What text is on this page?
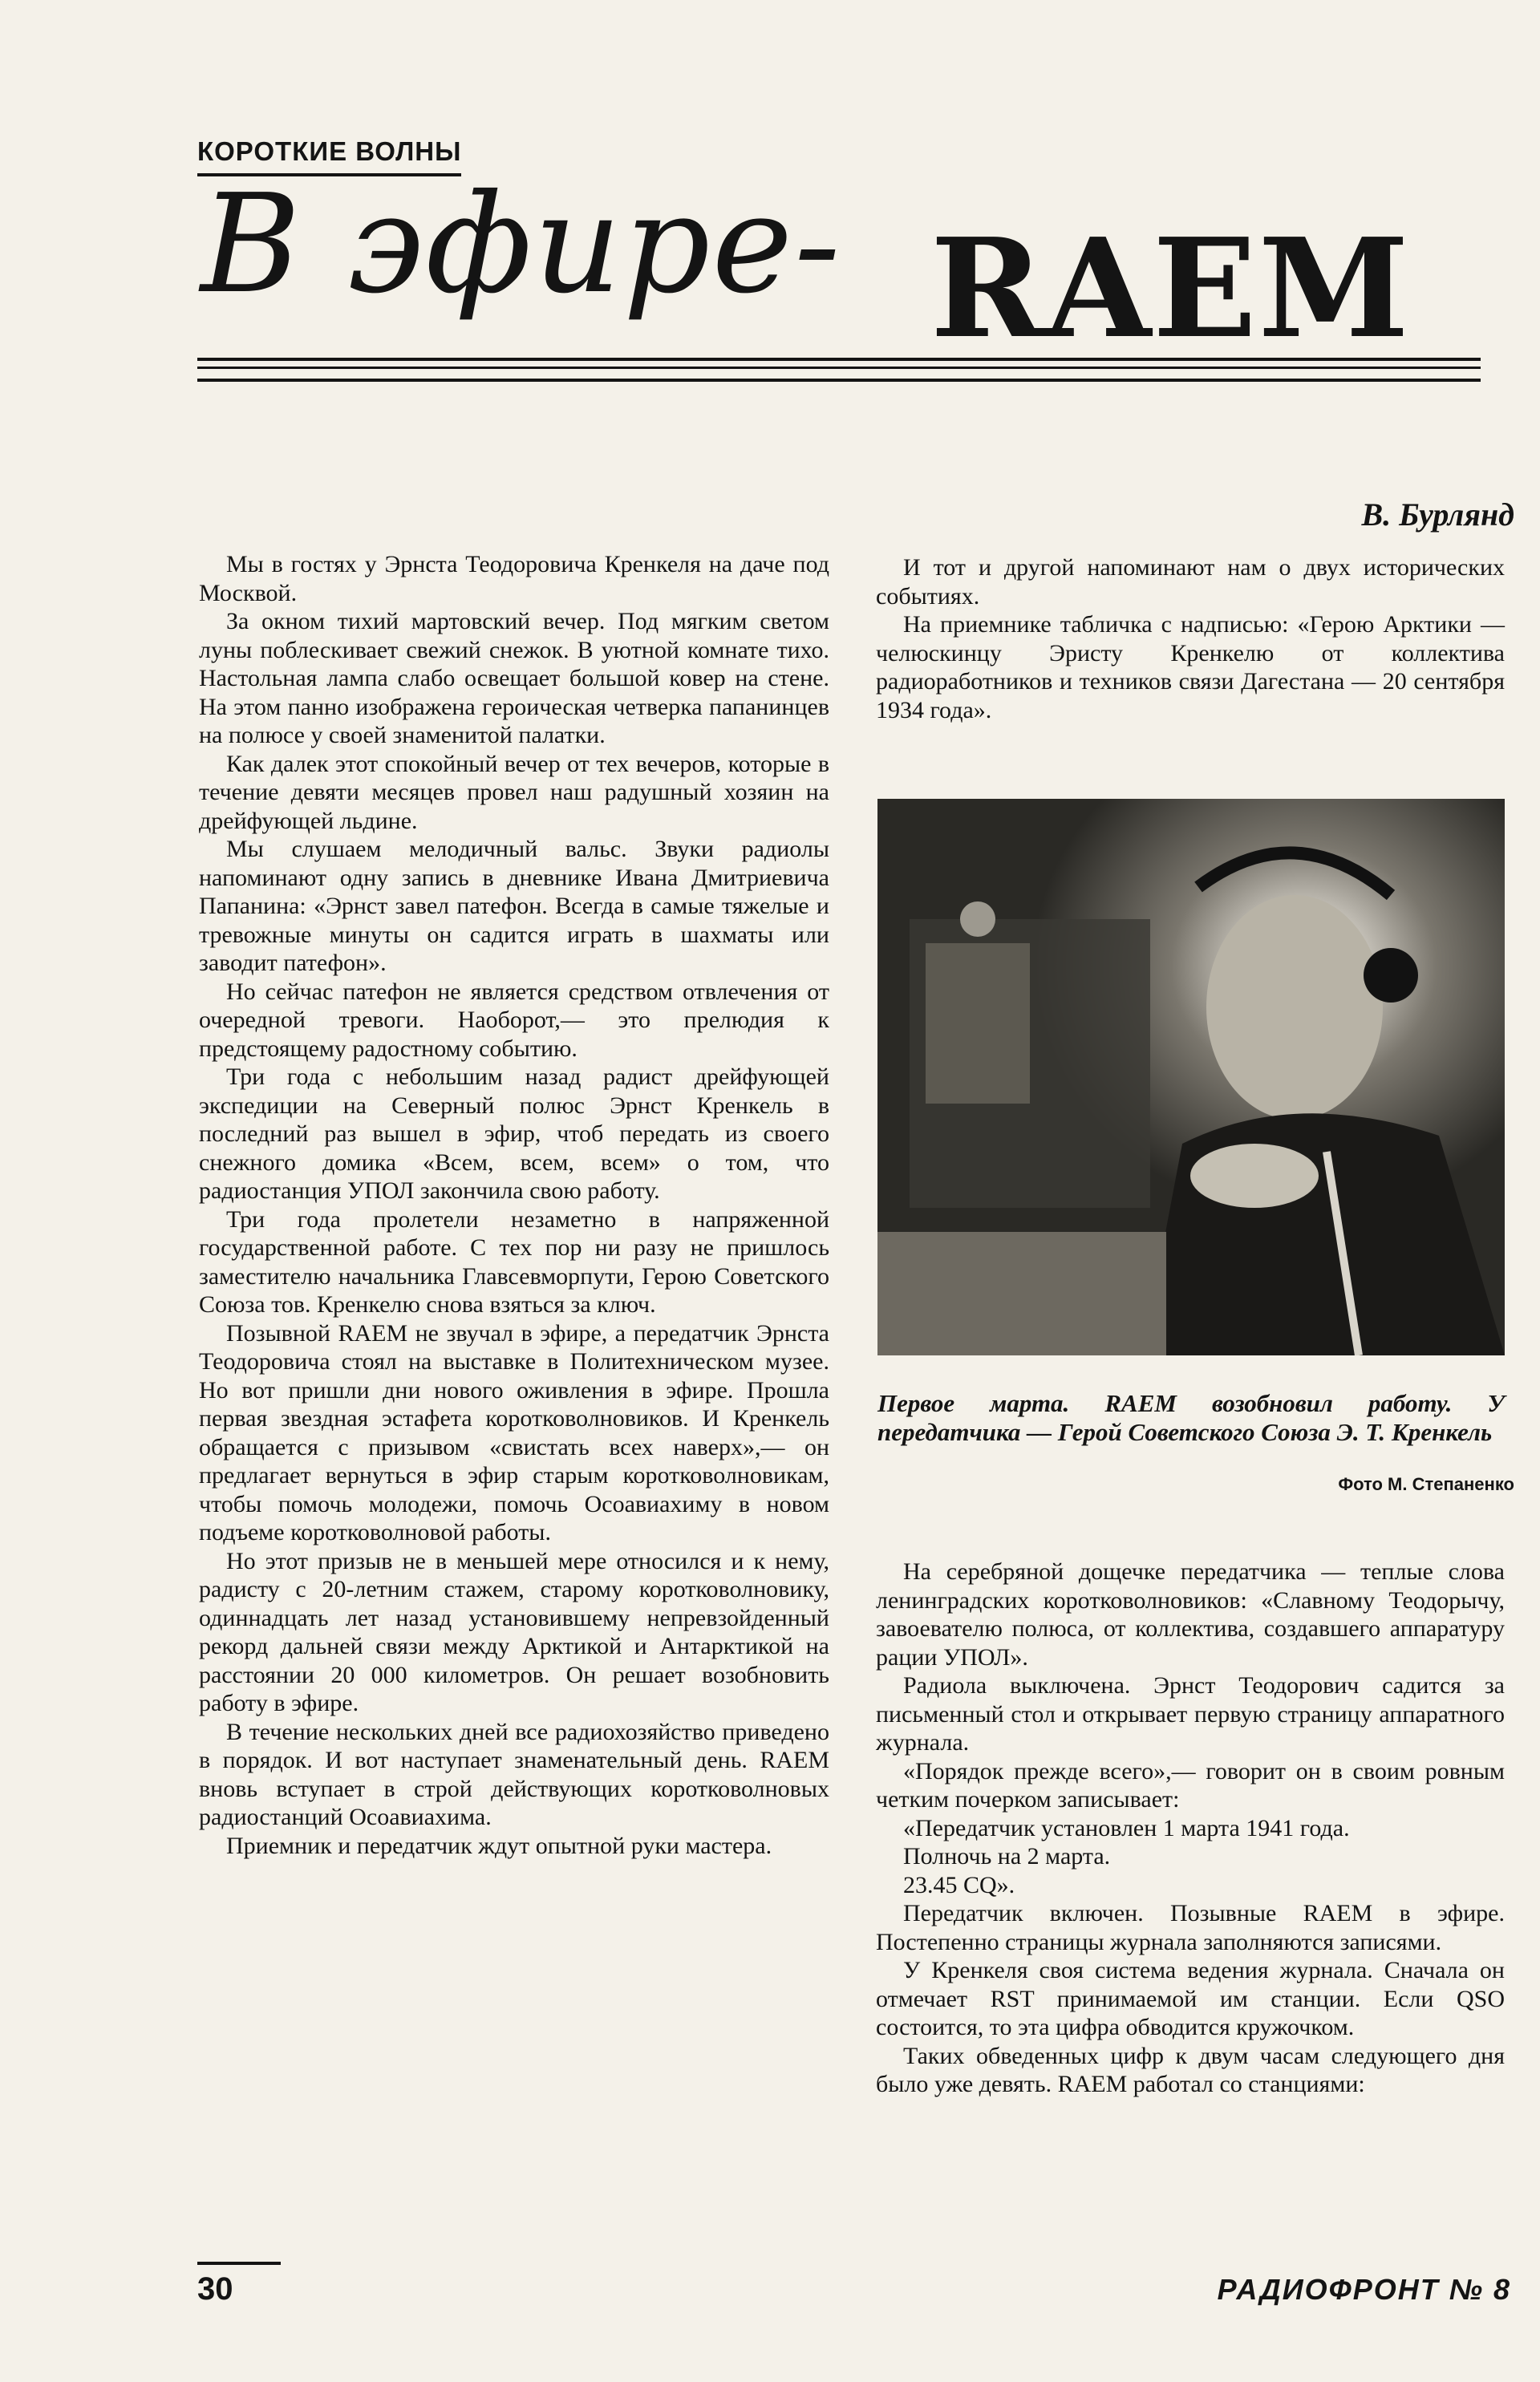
КОРОТКИЕ ВОЛНЫ
В эфире- RAEM
В. Бурлянд

Мы в гостях у Эрнста Теодоровича Кренкеля на даче под Москвой.

За окном тихий мартовский вечер. Под мягким светом луны поблескивает свежий снежок. В уютной комнате тихо. Настольная лампа слабо освещает большой ковер на стене. На этом панно изображена героическая четверка папанинцев на полюсе у своей знаменитой палатки.

Как далек этот спокойный вечер от тех вечеров, которые в течение девяти месяцев провел наш радушный хозяин на дрейфующей льдине.

Мы слушаем мелодичный вальс. Звуки радиолы напоминают одну запись в дневнике Ивана Дмитриевича Папанина: «Эрнст завел патефон. Всегда в самые тяжелые и тревожные минуты он садится играть в шахматы или заводит патефон».

Но сейчас патефон не является средством отвлечения от очередной тревоги. Наоборот,— это прелюдия к предстоящему радостному событию.

Три года с небольшим назад радист дрейфующей экспедиции на Северный полюс Эрнст Кренкель в последний раз вышел в эфир, чтоб передать из своего снежного домика «Всем, всем, всем» о том, что радиостанция УПОЛ закончила свою работу.

Три года пролетели незаметно в напряженной государственной работе. С тех пор ни разу не пришлось заместителю начальника Главсевморпути, Герою Советского Союза тов. Кренкелю снова взяться за ключ.

Позывной RAEM не звучал в эфире, а передатчик Эрнста Теодоровича стоял на выставке в Политехническом музее. Но вот пришли дни нового оживления в эфире. Прошла первая звездная эстафета коротковолновиков. И Кренкель обращается с призывом «свистать всех наверх»,— он предлагает вернуться в эфир старым коротковолновикам, чтобы помочь молодежи, помочь Осоавиахиму в новом подъеме коротковолновой работы.

Но этот призыв не в меньшей мере относился и к нему, радисту с 20-летним стажем, старому коротковолновику, одиннадцать лет назад установившему непревзойденный рекорд дальней связи между Арктикой и Антарктикой на расстоянии 20 000 километров. Он решает возобновить работу в эфире.

В течение нескольких дней все радиохозяйство приведено в порядок. И вот наступает знаменательный день. RAEM вновь вступает в строй действующих коротковолновых радиостанций Осоавиахима.

Приемник и передатчик ждут опытной руки мастера.

И тот и другой напоминают нам о двух исторических событиях.

На приемнике табличка с надписью: «Герою Арктики — челюскинцу Эристу Кренкелю от коллектива радиоработников и техников связи Дагестана — 20 сентября 1934 года».

Первое марта. RAEM возобновил работу. У передатчика — Герой Советского Союза Э. Т. Кренкель
Фото М. Степаненко

На серебряной дощечке передатчика — теплые слова ленинградских коротковолновиков: «Славному Теодорычу, завоевателю полюса, от коллектива, создавшего аппаратуру рации УПОЛ».

Радиола выключена. Эрнст Теодорович садится за письменный стол и открывает первую страницу аппаратного журнала.

«Порядок прежде всего»,— говорит он в своим ровным четким почерком записывает:

«Передатчик установлен 1 марта 1941 года.

Полночь на 2 марта.

23.45 CQ».

Передатчик включен. Позывные RAEM в эфире. Постепенно страницы журнала заполняются записями.

У Кренкеля своя система ведения журнала. Сначала он отмечает RST принимаемой им станции. Если QSO состоится, то эта цифра обводится кружочком.

Таких обведенных цифр к двум часам следующего дня было уже девять. RAEM работал со станциями:

30	РАДИОФРОНТ № 8
